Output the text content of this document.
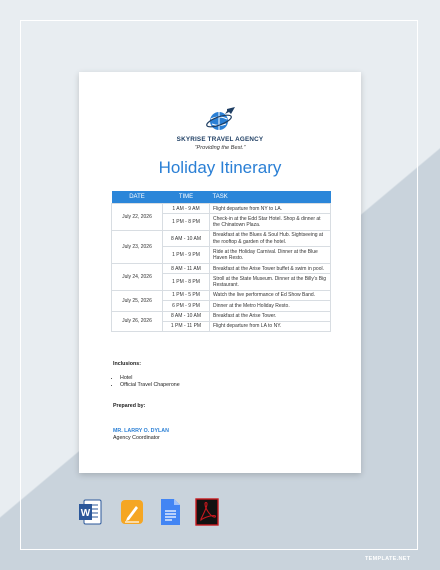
SKYRISE TRAVEL AGENCY
“Providing the Best.”
Holiday Itinerary
DATE	TIME	TASK
July 22, 2026	1 AM - 9 AM	Flight departure from NY to LA.
	1 PM - 8 PM	Check-in at the Edd Star Hotel. Shop & dinner at the Chinatown Plaza.
July 23, 2026	8 AM - 10 AM	Breakfast at the Blues & Soul Hub. Sightseeing at the rooftop & garden of the hotel.
	1 PM - 9 PM	Ride at the Holiday Carnival. Dinner at the Blue Haven Resto.
July 24, 2026	8 AM - 11 AM	Breakfast at the Arise Tower buffet & swim in pool.
	1 PM - 8 PM	Stroll at the State Museum. Dinner at the Billy’s Big Restaurant.
July 25, 2026	1 PM - 5 PM	Watch the live performance of Ed Show Band.
	6 PM - 9 PM	Dinner at the Metro Holiday Resto.
July 26, 2026	8 AM - 10 AM	Breakfast at the Arise Tower.
	1 PM - 11 PM	Flight departure from LA to NY.
Inclusions:
• Hotel
• Official Travel Chaperone
Prepared by:
MR. LARRY O. DYLAN
Agency Coordinator
W
TEMPLATE.NET
